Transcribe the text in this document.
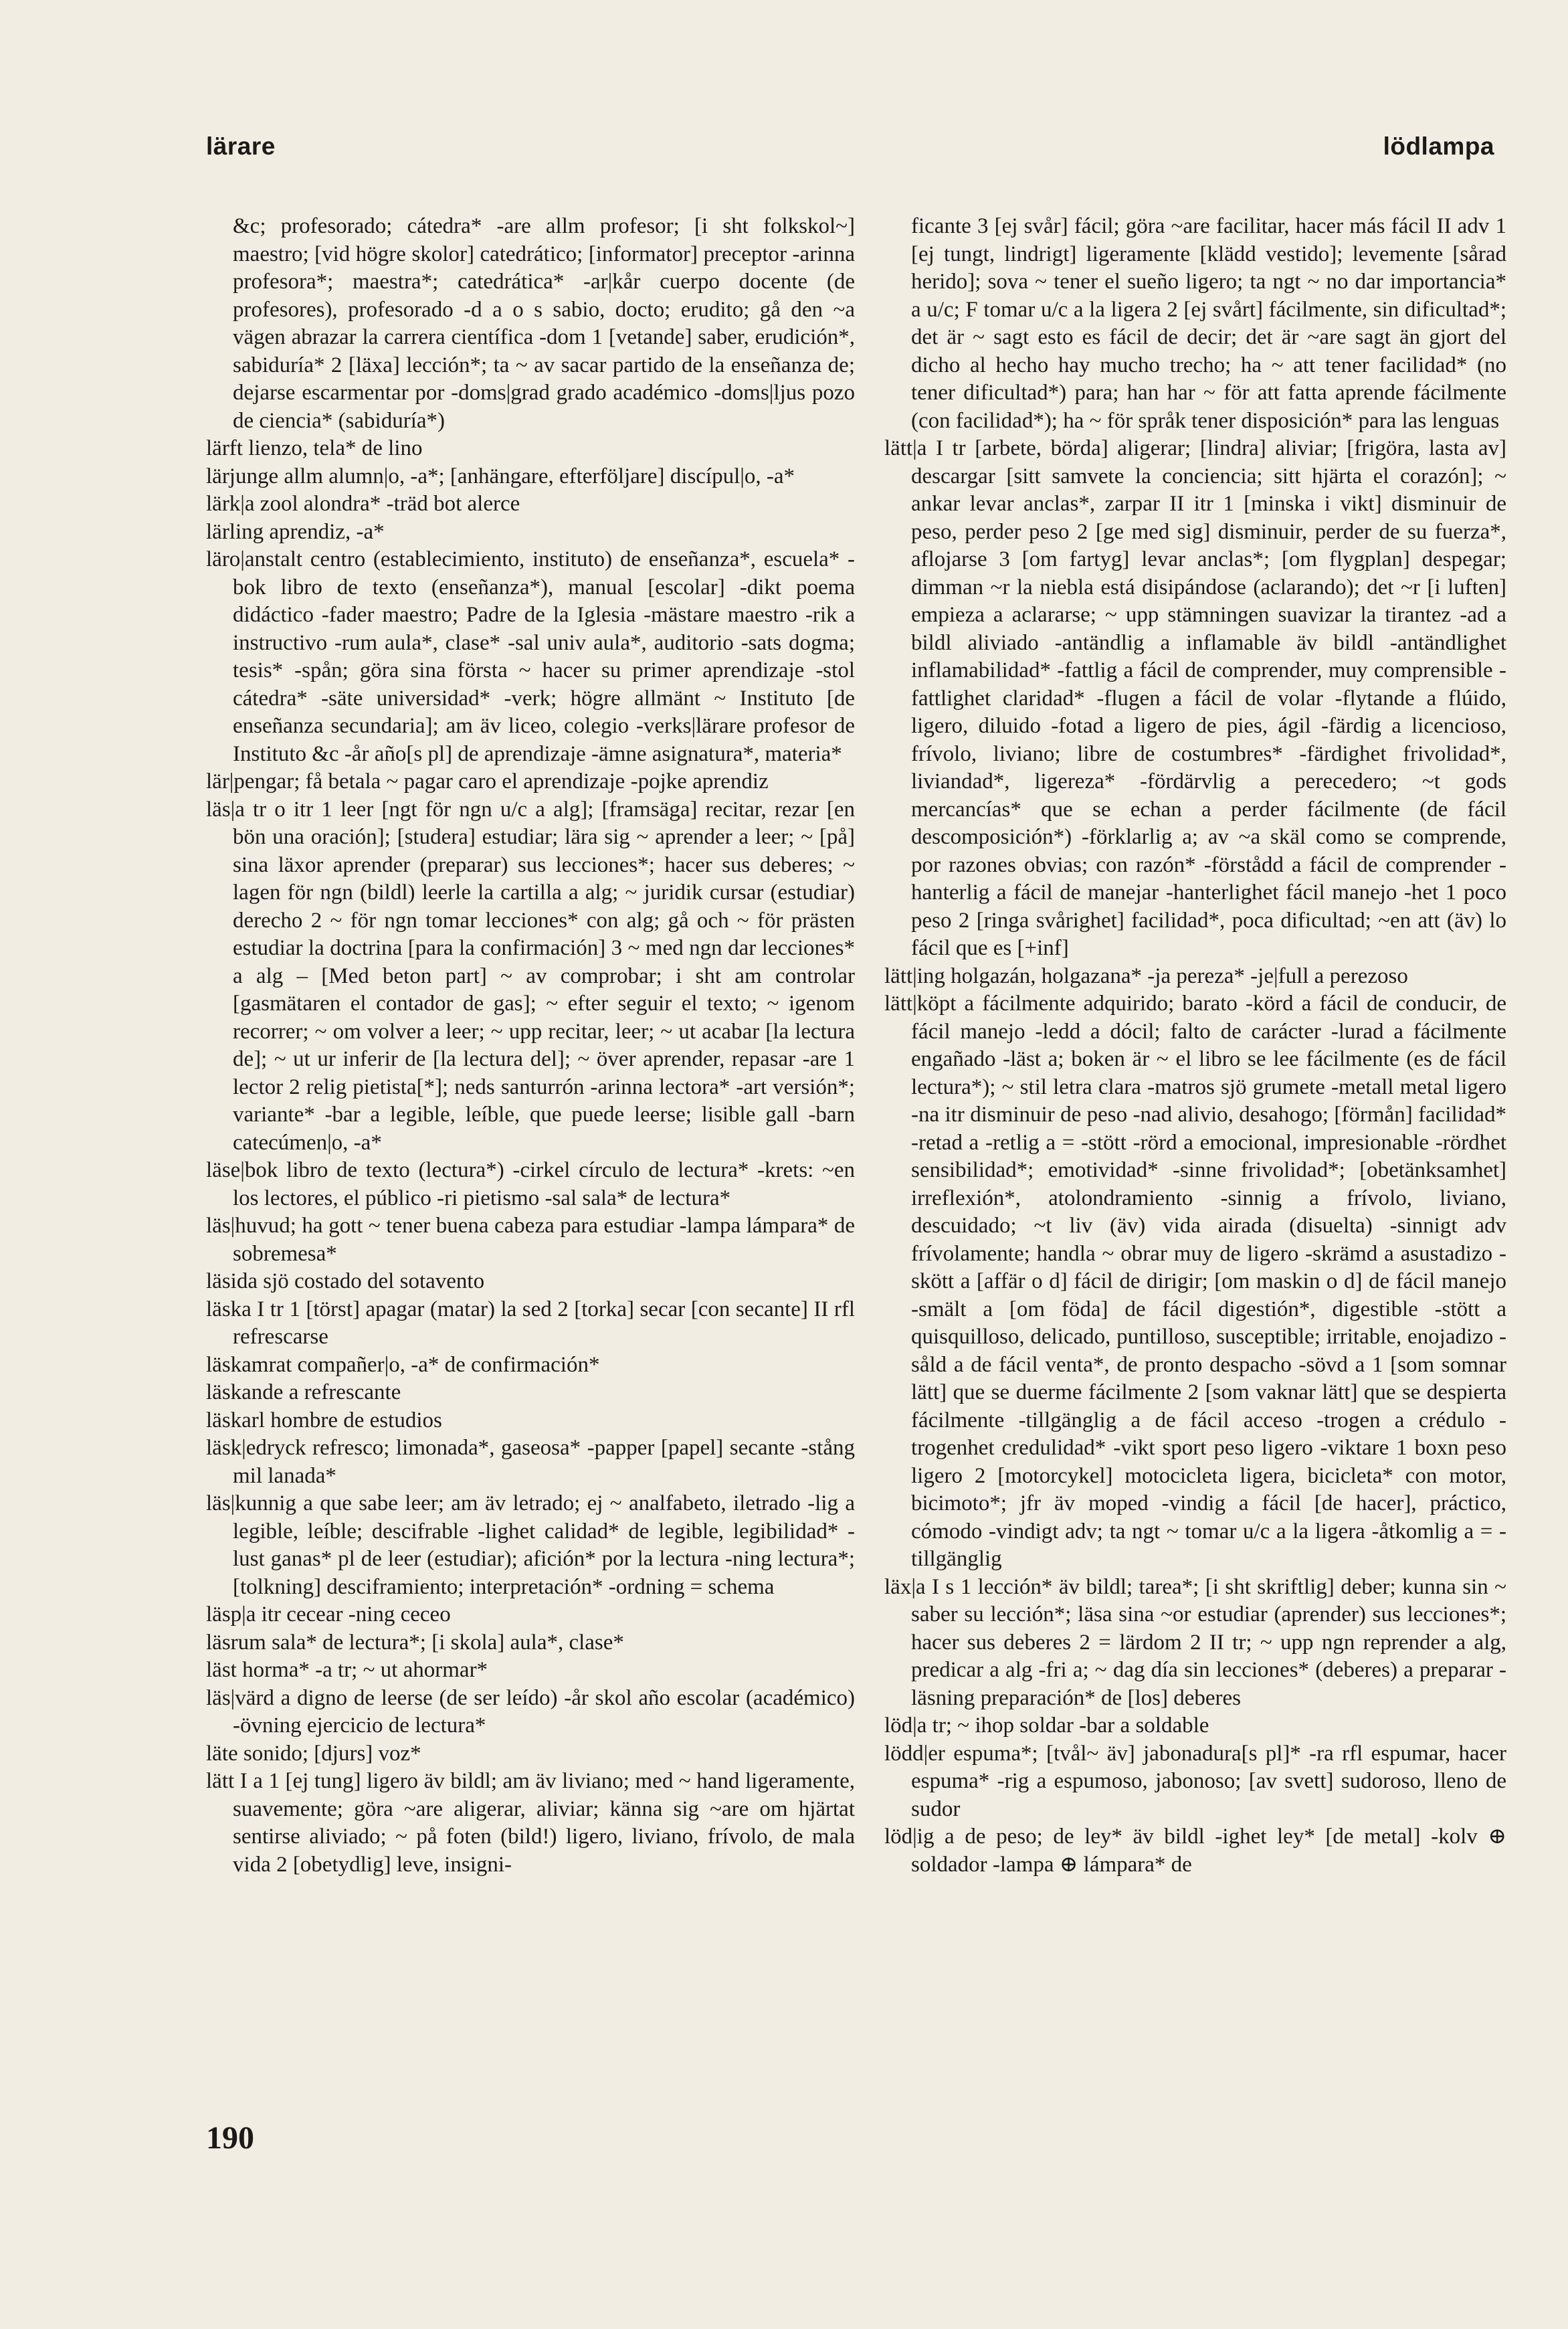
lärare	lödlampa

&c; profesorado; cátedra* -are allm profesor; [i sht folkskol~] maestro; [vid högre skolor] catedrático; [informator] preceptor -arinna profesora*; maestra*; catedrática* -ar|kår cuerpo docente (de profesores), profesorado -d a o s sabio, docto; erudito; gå den ~a vägen abrazar la carrera científica -dom 1 [vetande] saber, erudición*, sabiduría* 2 [läxa] lección*; ta ~ av sacar partido de la enseñanza de; dejarse escarmentar por -doms|grad grado académico -doms|ljus pozo de ciencia* (sabiduría*)

lärft lienzo, tela* de lino

lärjunge allm alumn|o, -a*; [anhängare, efterföljare] discípul|o, -a*

lärk|a zool alondra* -träd bot alerce

lärling aprendiz, -a*

läro|anstalt centro (establecimiento, instituto) de enseñanza*, escuela* -bok libro de texto (enseñanza*), manual [escolar] -dikt poema didáctico -fader maestro; Padre de la Iglesia -mästare maestro -rik a instructivo -rum aula*, clase* -sal univ aula*, auditorio -sats dogma; tesis* -spån; göra sina första ~ hacer su primer aprendizaje -stol cátedra* -säte universidad* -verk; högre allmänt ~ Instituto [de enseñanza secundaria]; am äv liceo, colegio -verks|lärare profesor de Instituto &c -år año[s pl] de aprendizaje -ämne asignatura*, materia*

lär|pengar; få betala ~ pagar caro el aprendizaje -pojke aprendiz

läs|a tr o itr 1 leer [ngt för ngn u/c a alg]; [framsäga] recitar, rezar [en bön una oración]; [studera] estudiar; lära sig ~ aprender a leer; ~ [på] sina läxor aprender (preparar) sus lecciones*; hacer sus deberes; ~ lagen för ngn (bildl) leerle la cartilla a alg; ~ juridik cursar (estudiar) derecho 2 ~ för ngn tomar lecciones* con alg; gå och ~ för prästen estudiar la doctrina [para la confirmación] 3 ~ med ngn dar lecciones* a alg – [Med beton part] ~ av comprobar; i sht am controlar [gasmätaren el contador de gas]; ~ efter seguir el texto; ~ igenom recorrer; ~ om volver a leer; ~ upp recitar, leer; ~ ut acabar [la lectura de]; ~ ut ur inferir de [la lectura del]; ~ över aprender, repasar -are 1 lector 2 relig pietista[*]; neds santurrón -arinna lectora* -art versión*; variante* -bar a legible, leíble, que puede leerse; lisible gall -barn catecúmen|o, -a*

läse|bok libro de texto (lectura*) -cirkel círculo de lectura* -krets: ~en los lectores, el público -ri pietismo -sal sala* de lectura*

läs|huvud; ha gott ~ tener buena cabeza para estudiar -lampa lámpara* de sobremesa*

läsida sjö costado del sotavento

läska I tr 1 [törst] apagar (matar) la sed 2 [torka] secar [con secante] II rfl refrescarse

läskamrat compañer|o, -a* de confirmación*

läskande a refrescante

läskarl hombre de estudios

läsk|edryck refresco; limonada*, gaseosa* -papper [papel] secante -stång mil lanada*

läs|kunnig a que sabe leer; am äv letrado; ej ~ analfabeto, iletrado -lig a legible, leíble; descifrable -lighet calidad* de legible, legibilidad* -lust ganas* pl de leer (estudiar); afición* por la lectura -ning lectura*; [tolkning] desciframiento; interpretación* -ordning = schema

läsp|a itr cecear -ning ceceo

läsrum sala* de lectura*; [i skola] aula*, clase*

läst horma* -a tr; ~ ut ahormar*

läs|värd a digno de leerse (de ser leído) -år skol año escolar (académico) -övning ejercicio de lectura*

läte sonido; [djurs] voz*

lätt I a 1 [ej tung] ligero äv bildl; am äv liviano; med ~ hand ligeramente, suavemente; göra ~are aligerar, aliviar; känna sig ~are om hjärtat sentirse aliviado; ~ på foten (bild!) ligero, liviano, frívolo, de mala vida 2 [obetydlig] leve, insigni-

ficante 3 [ej svår] fácil; göra ~are facilitar, hacer más fácil II adv 1 [ej tungt, lindrigt] ligeramente [klädd vestido]; levemente [sårad herido]; sova ~ tener el sueño ligero; ta ngt ~ no dar importancia* a u/c; F tomar u/c a la ligera 2 [ej svårt] fácilmente, sin dificultad*; det är ~ sagt esto es fácil de decir; det är ~are sagt än gjort del dicho al hecho hay mucho trecho; ha ~ att tener facilidad* (no tener dificultad*) para; han har ~ för att fatta aprende fácilmente (con facilidad*); ha ~ för språk tener disposición* para las lenguas

lätt|a I tr [arbete, börda] aligerar; [lindra] aliviar; [frigöra, lasta av] descargar [sitt samvete la conciencia; sitt hjärta el corazón]; ~ ankar levar anclas*, zarpar II itr 1 [minska i vikt] disminuir de peso, perder peso 2 [ge med sig] disminuir, perder de su fuerza*, aflojarse 3 [om fartyg] levar anclas*; [om flygplan] despegar; dimman ~r la niebla está disipándose (aclarando); det ~r [i luften] empieza a aclararse; ~ upp stämningen suavizar la tirantez -ad a bildl aliviado -antändlig a inflamable äv bildl -antändlighet inflamabilidad* -fattlig a fácil de comprender, muy comprensible -fattlighet claridad* -flugen a fácil de volar -flytande a flúido, ligero, diluido -fotad a ligero de pies, ágil -färdig a licencioso, frívolo, liviano; libre de costumbres* -färdighet frivolidad*, liviandad*, ligereza* -fördärvlig a perecedero; ~t gods mercancías* que se echan a perder fácilmente (de fácil descomposición*) -förklarlig a; av ~a skäl como se comprende, por razones obvias; con razón* -förstådd a fácil de comprender -hanterlig a fácil de manejar -hanterlighet fácil manejo -het 1 poco peso 2 [ringa svårighet] facilidad*, poca dificultad; ~en att (äv) lo fácil que es [+inf]

lätt|ing holgazán, holgazana* -ja pereza* -je|full a perezoso

lätt|köpt a fácilmente adquirido; barato -körd a fácil de conducir, de fácil manejo -ledd a dócil; falto de carácter -lurad a fácilmente engañado -läst a; boken är ~ el libro se lee fácilmente (es de fácil lectura*); ~ stil letra clara -matros sjö grumete -metall metal ligero -na itr disminuir de peso -nad alivio, desahogo; [förmån] facilidad* -retad a -retlig a = -stött -rörd a emocional, impresionable -rördhet sensibilidad*; emotividad* -sinne frivolidad*; [obetänksamhet] irreflexión*, atolondramiento -sinnig a frívolo, liviano, descuidado; ~t liv (äv) vida airada (disuelta) -sinnigt adv frívolamente; handla ~ obrar muy de ligero -skrämd a asustadizo -skött a [affär o d] fácil de dirigir; [om maskin o d] de fácil manejo -smält a [om föda] de fácil digestión*, digestible -stött a quisquilloso, delicado, puntilloso, susceptible; irritable, enojadizo -såld a de fácil venta*, de pronto despacho -sövd a 1 [som somnar lätt] que se duerme fácilmente 2 [som vaknar lätt] que se despierta fácilmente -tillgänglig a de fácil acceso -trogen a crédulo -trogenhet credulidad* -vikt sport peso ligero -viktare 1 boxn peso ligero 2 [motorcykel] motocicleta ligera, bicicleta* con motor, bicimoto*; jfr äv moped -vindig a fácil [de hacer], práctico, cómodo -vindigt adv; ta ngt ~ tomar u/c a la ligera -åtkomlig a = -tillgänglig

läx|a I s 1 lección* äv bildl; tarea*; [i sht skriftlig] deber; kunna sin ~ saber su lección*; läsa sina ~or estudiar (aprender) sus lecciones*; hacer sus deberes 2 = lärdom 2 II tr; ~ upp ngn reprender a alg, predicar a alg -fri a; ~ dag día sin lecciones* (deberes) a preparar -läsning preparación* de [los] deberes

löd|a tr; ~ ihop soldar -bar a soldable

lödd|er espuma*; [tvål~ äv] jabonadura[s pl]* -ra rfl espumar, hacer espuma* -rig a espumoso, jabonoso; [av svett] sudoroso, lleno de sudor

löd|ig a de peso; de ley* äv bildl -ighet ley* [de metal] -kolv ⊕ soldador -lampa ⊕ lámpara* de

190
